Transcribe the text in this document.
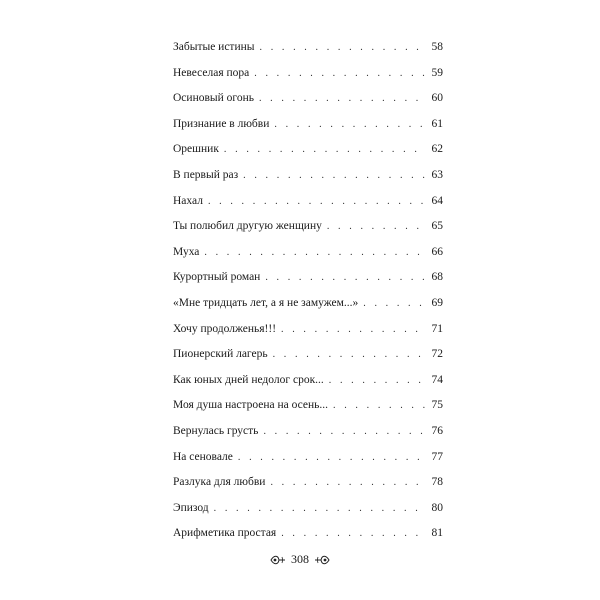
Забытые истины . . .	58
Невеселая пора . . .	59
Осиновый огонь . . .	60
Признание в любви . . .	61
Орешник . . .	62
В первый раз . . .	63
Нахал . . .	64
Ты полюбил другую женщину . . .	65
Муха . . .	66
Курортный роман . . .	68
«Мне тридцать лет, а я не замужем...» . . .	69
Хочу продолженья!!! . . .	71
Пионерский лагерь . . .	72
Как юных дней недолог срок... . . .	74
Моя душа настроена на осень... . . .	75
Вернулась грусть . . .	76
На сеновале . . .	77
Разлука для любви . . .	78
Эпизод . . .	80
Арифметика простая . . .	81
308
